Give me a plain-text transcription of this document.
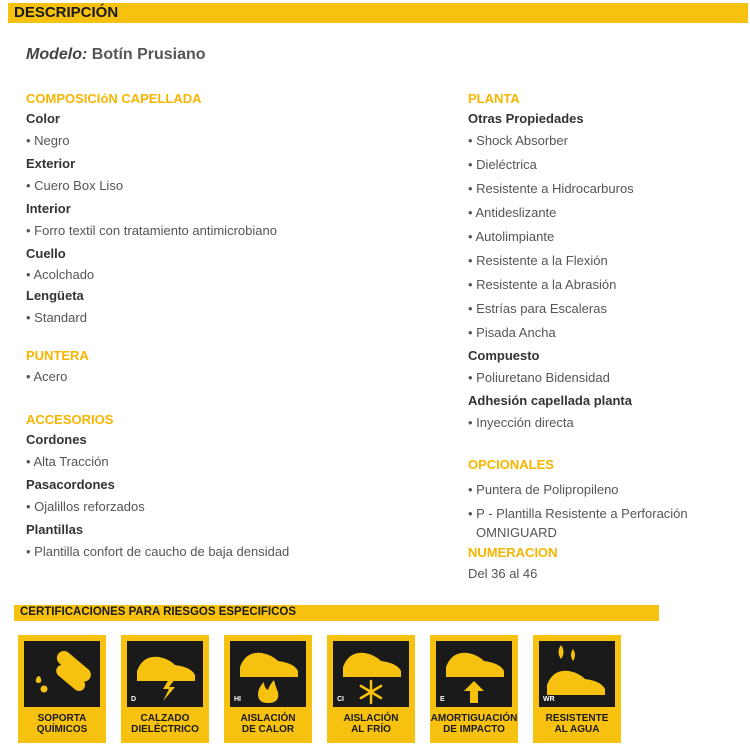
DESCRIPCIÓN
Modelo: Botín Prusiano
COMPOSICIóN CAPELLADA
Color
• Negro
Exterior
• Cuero Box Liso
Interior
• Forro textil con tratamiento antimicrobiano
Cuello
• Acolchado
Lengüeta
• Standard
PUNTERA
• Acero
ACCESORIOS
Cordones
• Alta Tracción
Pasacordones
• Ojalillos reforzados
Plantillas
• Plantilla confort de caucho de baja densidad
PLANTA
Otras Propiedades
• Shock Absorber
• Dieléctrica
• Resistente a Hidrocarburos
• Antideslizante
• Autolimpiante
• Resistente a la Flexión
• Resistente a la Abrasión
• Estrías para Escaleras
• Pisada Ancha
Compuesto
• Poliuretano Bidensidad
Adhesión capellada planta
• Inyección directa
OPCIONALES
• Puntera de Polipropileno
• P - Plantilla Resistente a Perforación
OMNIGUARD
NUMERACION
Del 36 al 46
CERTIFICACIONES PARA RIESGOS ESPECIFICOS
SOPORTA
QUÍMICOS
D
CALZADO
DIELÉCTRICO
HI
AISLACIÓN
DE CALOR
CI
AISLACIÓN
AL FRÍO
E
AMORTIGUACIÓN
DE IMPACTO
WR
RESISTENTE
AL AGUA
